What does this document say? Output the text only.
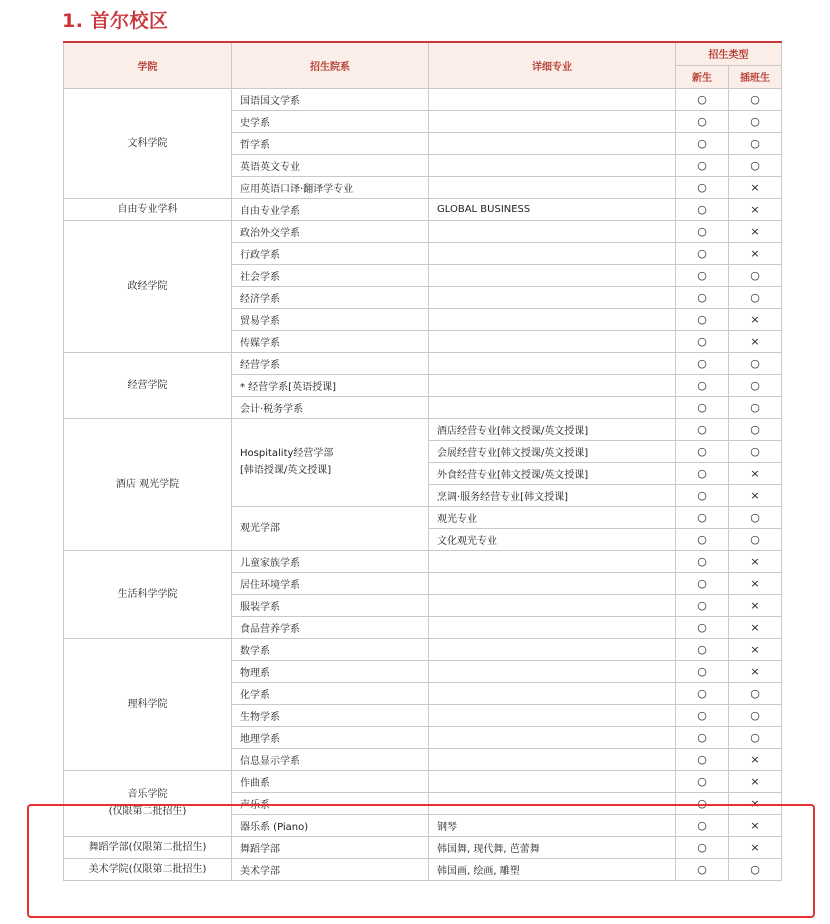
1. 首尔校区
学院	招生院系	详细专业	招生类型	
			新生	插班生
文科学院	国语国文学系		○	○
	史学系		○	○
	哲学系		○	○
	英语英文专业		○	○
	应用英语口译·翻译学专业		○	×
自由专业学科	自由专业学系	GLOBAL BUSINESS	○	×
政经学院	政治外交学系		○	×
	行政学系		○	×
	社会学系		○	○
	经济学系		○	○
	贸易学系		○	×
	传媒学系		○	×
经营学院	经营学系		○	○
	* 经营学系[英语授课]		○	○
	会计·税务学系		○	○
酒店 观光学院	Hospitality经营学部
[韩语授课/英文授课]	酒店经营专业[韩文授课/英文授课]	○	○
		会展经营专业[韩文授课/英文授课]	○	○
		外食经营专业[韩文授课/英文授课]	○	×
		烹调·服务经营专业[韩文授课]	○	×
	观光学部	观光专业	○	○
		文化观光专业	○	○
生活科学学院	儿童家族学系		○	×
	居住环境学系		○	×
	服装学系		○	×
	食品营养学系		○	×
理科学院	数学系		○	×
	物理系		○	×
	化学系		○	○
	生物学系		○	○
	地理学系		○	○
	信息显示学系		○	×
音乐学院
(仅限第二批招生)	作曲系		○	×
	声乐系		○	×
	器乐系 (Piano)	钢琴	○	×
舞蹈学部(仅限第二批招生)	舞蹈学部	韩国舞, 现代舞, 芭蕾舞	○	×
美术学院(仅限第二批招生)	美术学部	韩国画, 绘画, 雕塑	○	○
